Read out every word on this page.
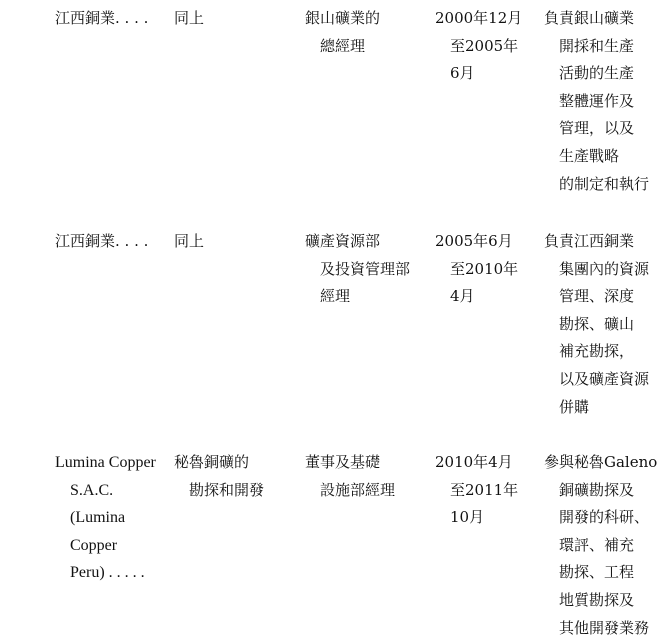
江西銅業. . . . 同上	銀山礦業的
總經理
2000年12月
至2005年
6月
負責銀山礦業
開採和生產
活動的生產
整體運作及
管理，以及
生產戰略
的制定和執行
江西銅業. . . . 同上	礦產資源部
及投資管理部
經理
2005年6月
至2010年
4月
負責江西銅業
集團內的資源
管理、深度
勘探、礦山
補充勘探，
以及礦產資源
併購
Lumina Copper
S.A.C.
(Lumina
Copper
Peru) . . . . .
秘魯銅礦的
勘探和開發
董事及基礎
設施部經理
2010年4月
至2011年
10月
參與秘魯Galeno
銅礦勘探及
開發的科研、
環評、補充
勘探、工程
地質勘探及
其他開發業務
